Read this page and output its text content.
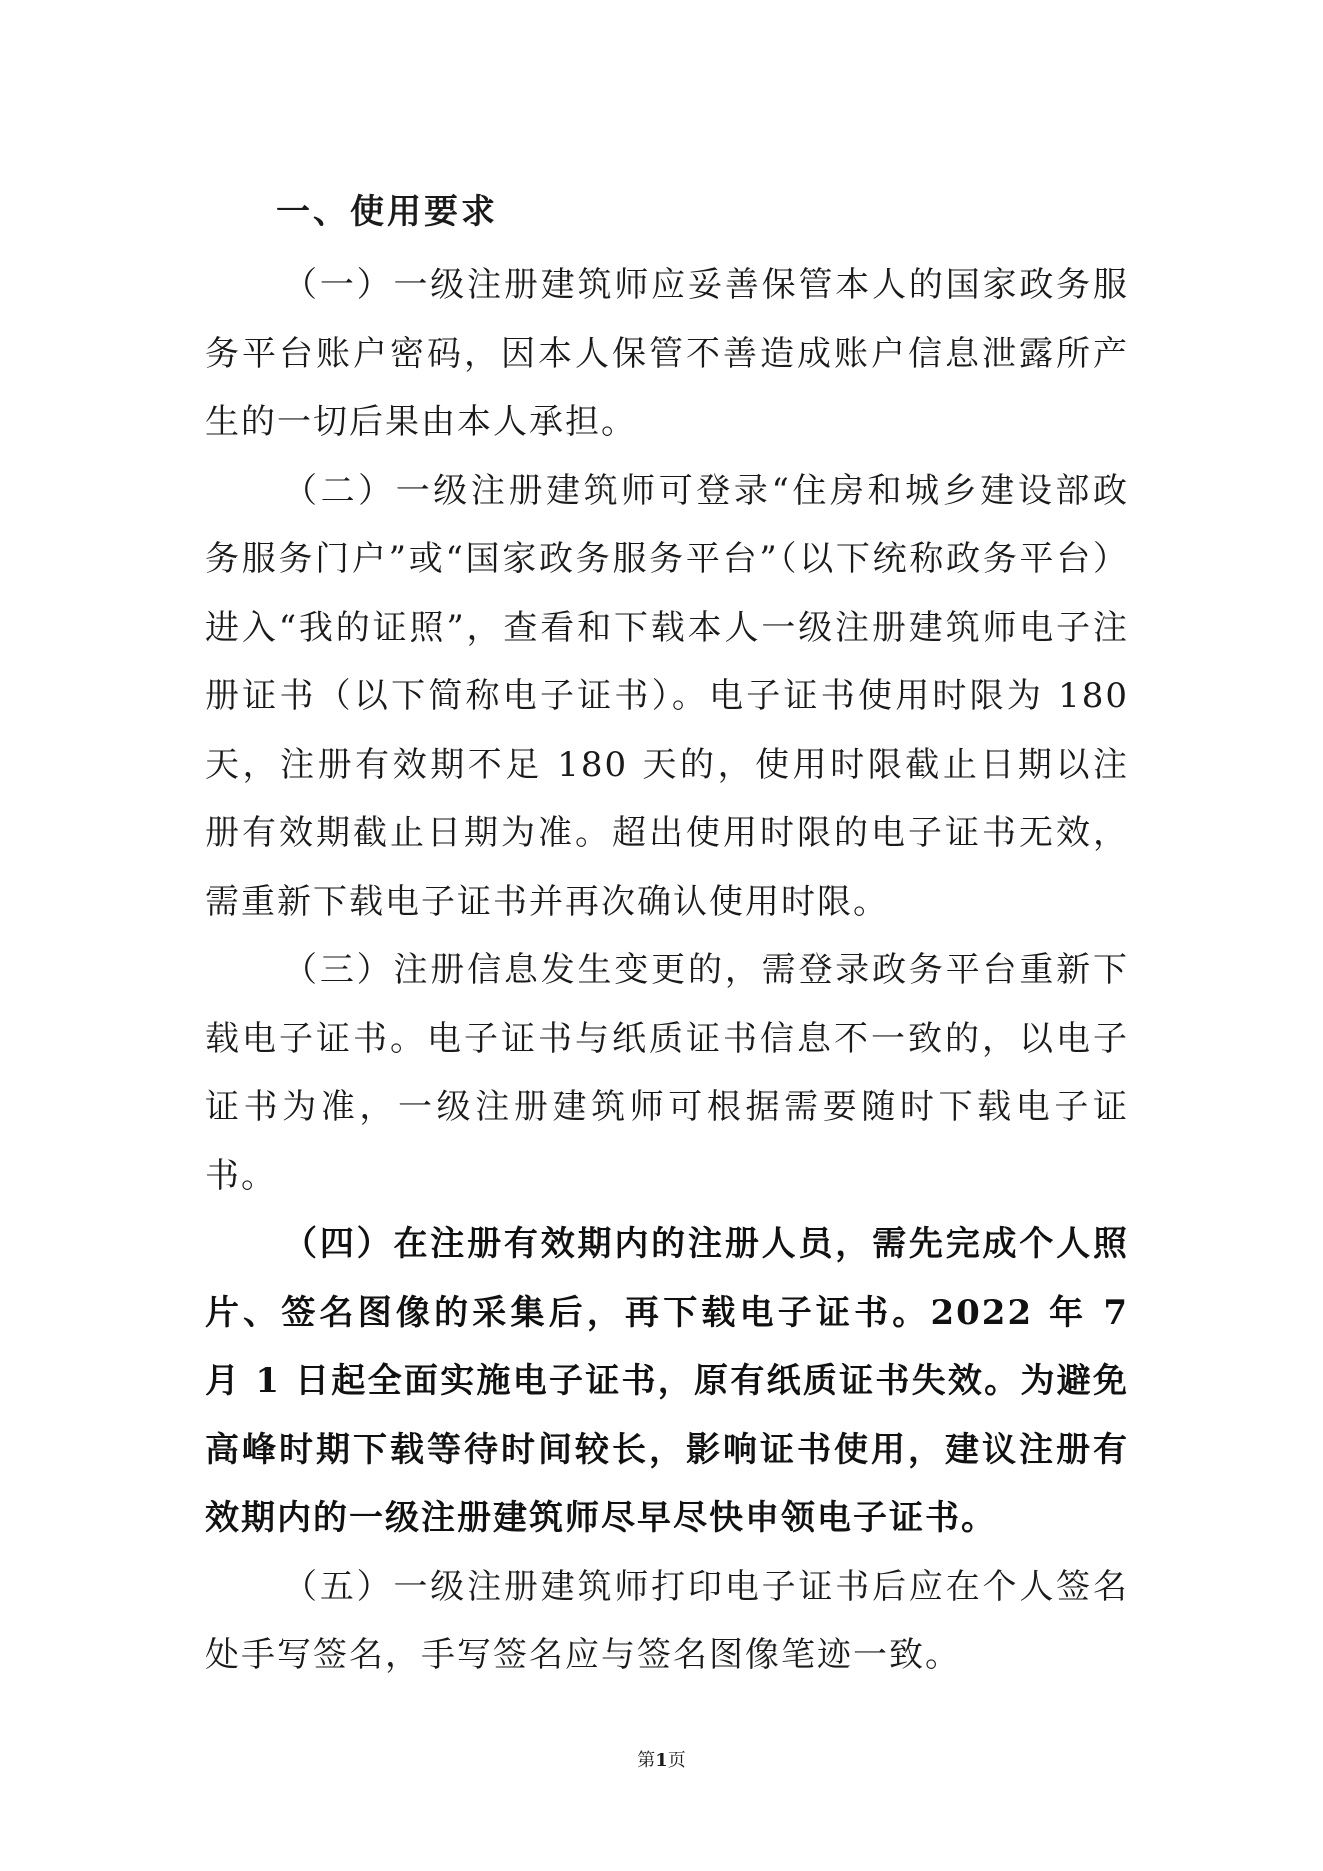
一、使用要求

（一）一级注册建筑师应妥善保管本人的国家政务服务平台账户密码，因本人保管不善造成账户信息泄露所产生的一切后果由本人承担。

（二）一级注册建筑师可登录“住房和城乡建设部政务服务门户”或“国家政务服务平台”（以下统称政务平台）进入“我的证照”，查看和下载本人一级注册建筑师电子注册证书（以下简称电子证书）。电子证书使用时限为 180 天，注册有效期不足 180 天的，使用时限截止日期以注册有效期截止日期为准。超出使用时限的电子证书无效，需重新下载电子证书并再次确认使用时限。

（三）注册信息发生变更的，需登录政务平台重新下载电子证书。电子证书与纸质证书信息不一致的，以电子证书为准，一级注册建筑师可根据需要随时下载电子证书。

（四）在注册有效期内的注册人员，需先完成个人照片、签名图像的采集后，再下载电子证书。2022 年 7 月 1 日起全面实施电子证书，原有纸质证书失效。为避免高峰时期下载等待时间较长，影响证书使用，建议注册有效期内的一级注册建筑师尽早尽快申领电子证书。

（五）一级注册建筑师打印电子证书后应在个人签名处手写签名，手写签名应与签名图像笔迹一致。

第1页
